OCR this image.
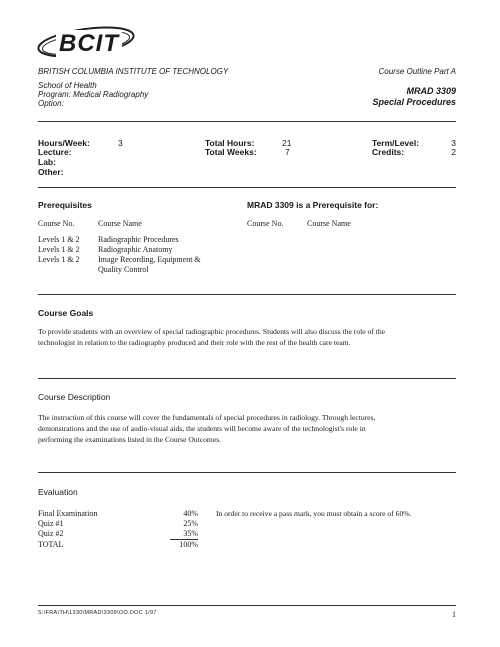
BCIT
BRITISH COLUMBIA INSTITUTE OF TECHNOLOGY
School of Health
Program: Medical Radiography
Option:
Course Outline Part A
MRAD 3309
Special Procedures
Hours/Week:	3
Lecture:
Lab:
Other:
Total Hours:	21
Total Weeks:	7
Term/Level:	3
Credits:	2
Prerequisites
Course No.	Course Name
Levels 1 & 2 Radiographic Procedures
Levels 1 & 2 Radiographic Anatomy
Levels 1 & 2 Image Recording, Equipment &
Quality Control
MRAD 3309 is a Prerequisite for:
Course No.	Course Name
Course Goals
To provide students with an overview of special radiographic procedures. Students will also discuss the role of the
technologist in relation to the radiography produced and their role with the rest of the health care team.
Course Description
The instruction of this course will cover the fundamentals of special procedures in radiology. Through lectures,
demonstrations and the use of audio-visual aids, the students will become aware of the technologist's role in
performing the examinations listed in the Course Outcomes.
Evaluation
Final Examination	40%
Quiz #1	25%
Quiz #2	35%
TOTAL	100%
In order to receive a pass mark, you must obtain a score of 60%.
S:\FRA\TH\1330\MRAD\3309\OO.DOC 1/97	1
